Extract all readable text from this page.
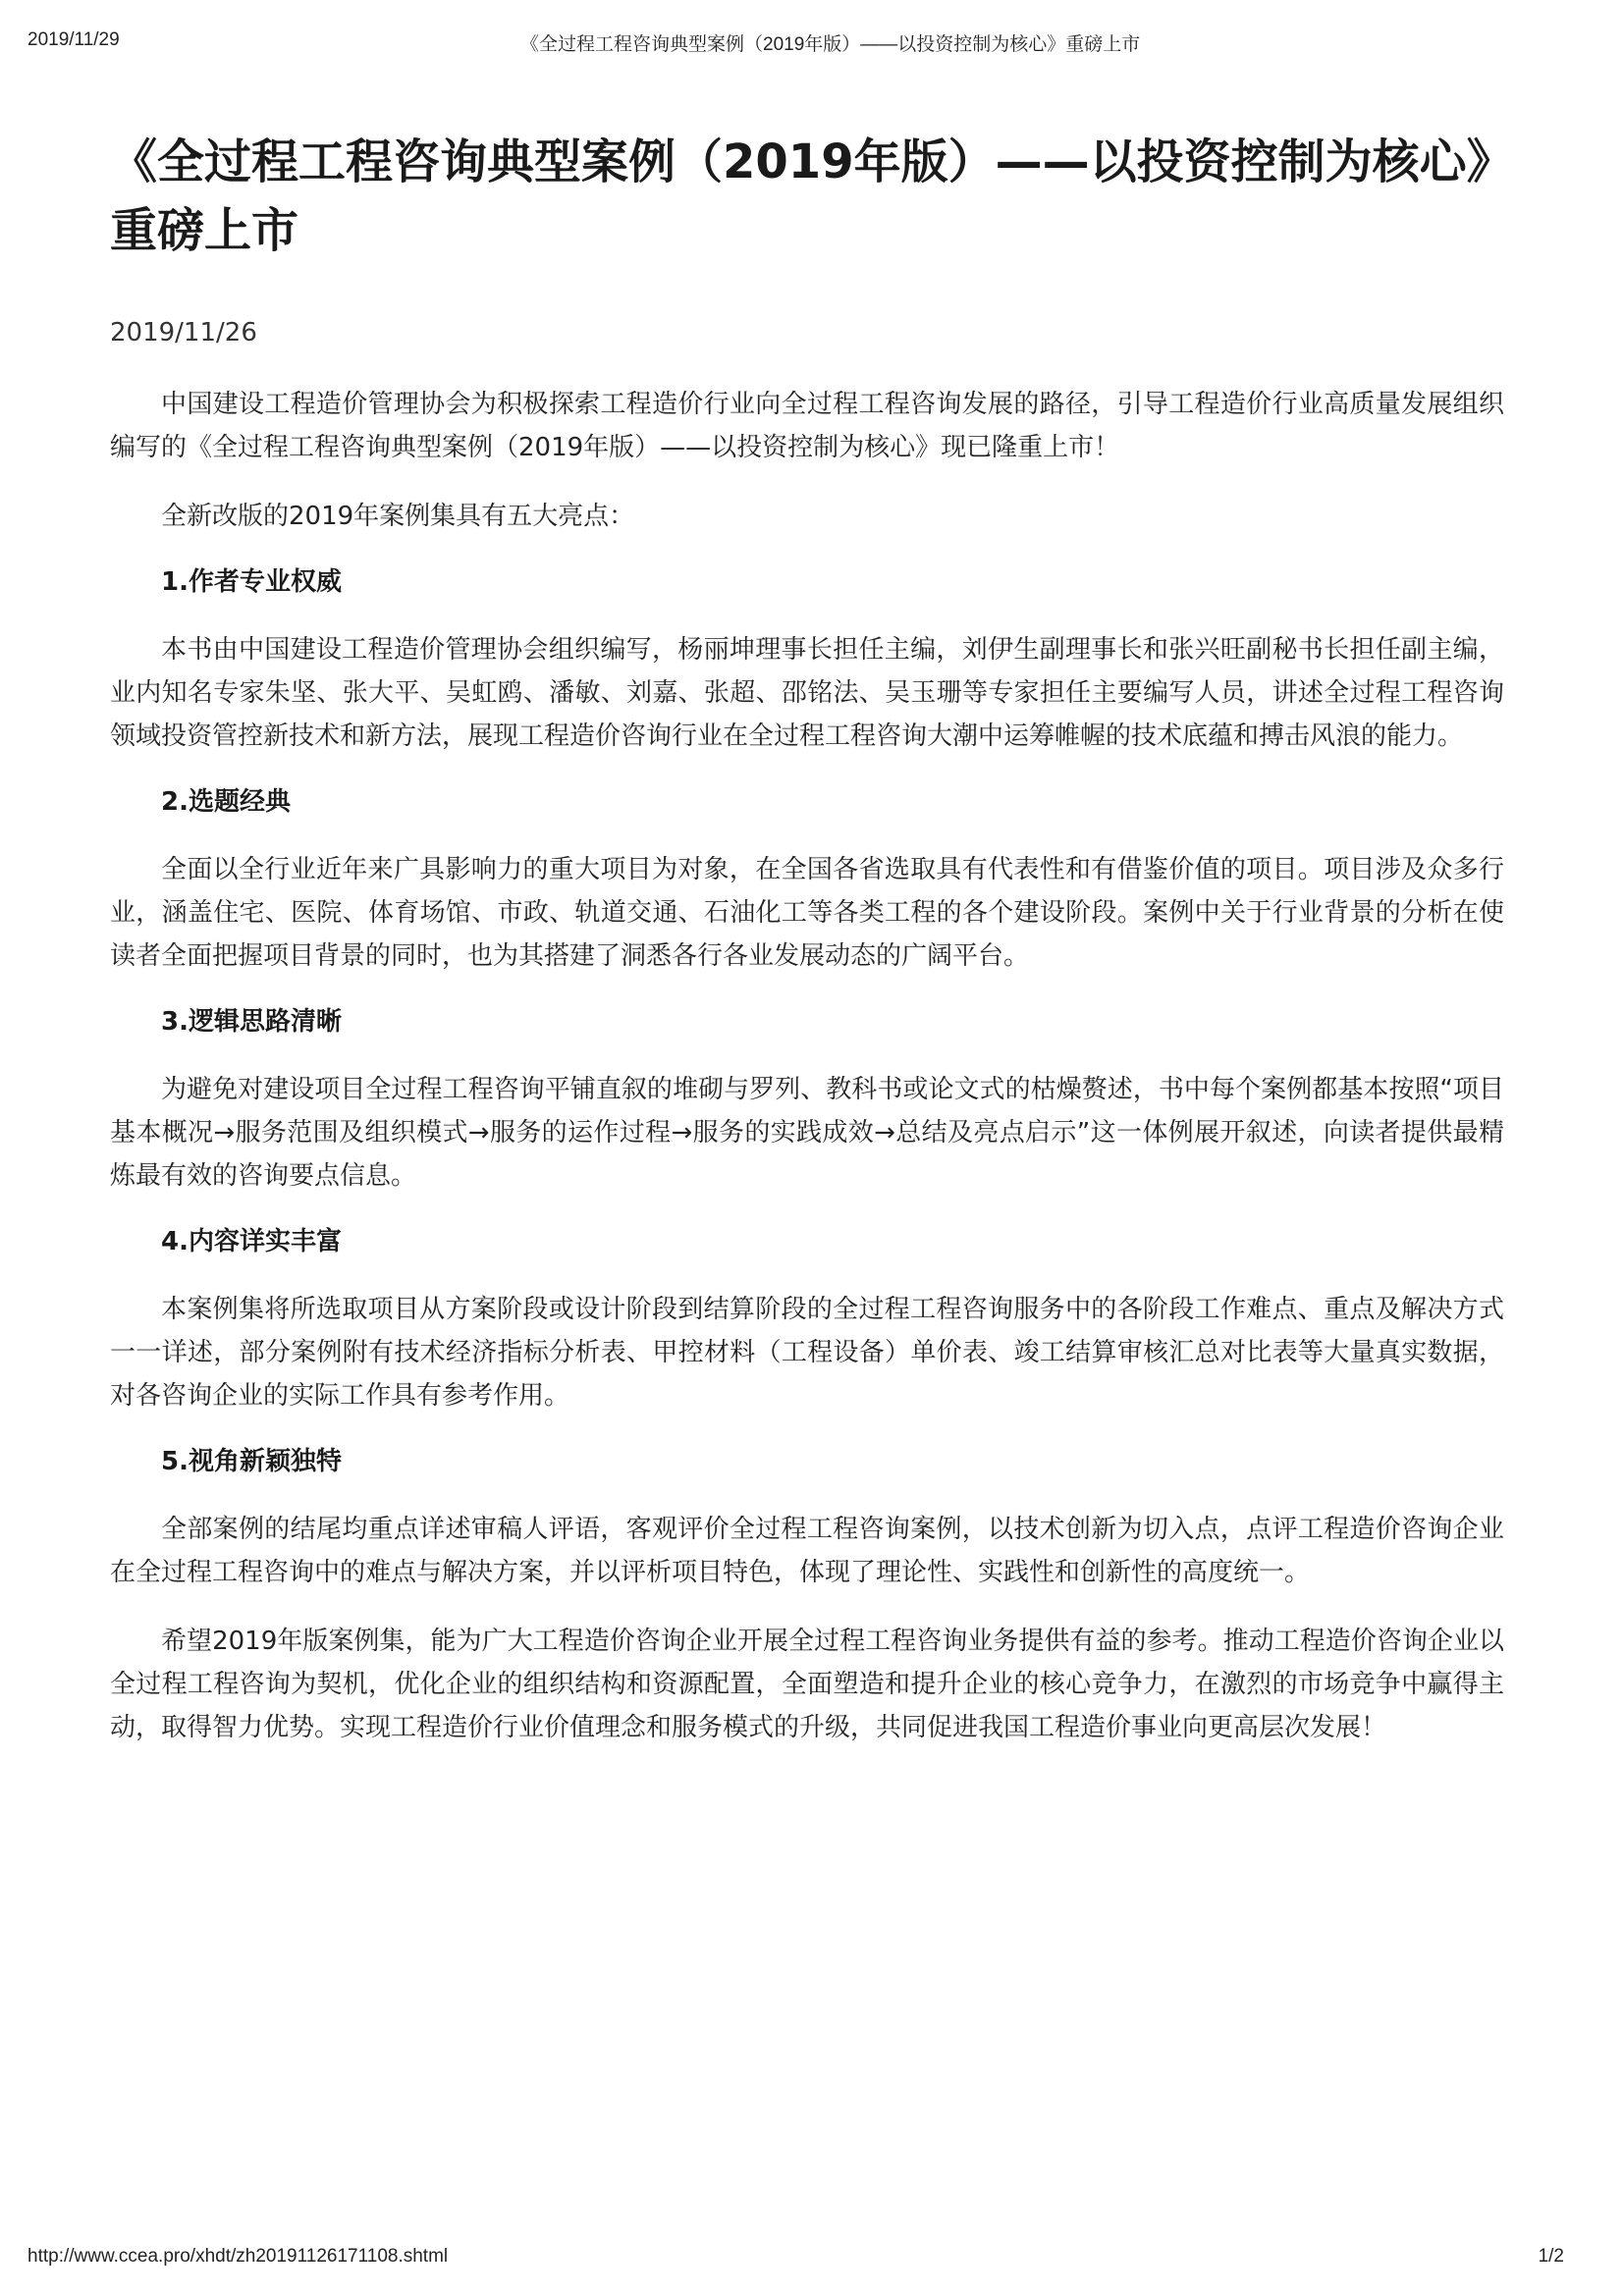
2019/11/29	《全过程工程咨询典型案例（2019年版）——以投资控制为核心》重磅上市
《全过程工程咨询典型案例（2019年版）——以投资控制为核心》重磅上市
2019/11/26

中国建设工程造价管理协会为积极探索工程造价行业向全过程工程咨询发展的路径，引导工程造价行业高质量发展组织编写的《全过程工程咨询典型案例（2019年版）——以投资控制为核心》现已隆重上市！

全新改版的2019年案例集具有五大亮点：

1.作者专业权威

本书由中国建设工程造价管理协会组织编写，杨丽坤理事长担任主编，刘伊生副理事长和张兴旺副秘书长担任副主编，业内知名专家朱坚、张大平、吴虹鸥、潘敏、刘嘉、张超、邵铭法、吴玉珊等专家担任主要编写人员，讲述全过程工程咨询领域投资管控新技术和新方法，展现工程造价咨询行业在全过程工程咨询大潮中运筹帷幄的技术底蕴和搏击风浪的能力。

2.选题经典

全面以全行业近年来广具影响力的重大项目为对象，在全国各省选取具有代表性和有借鉴价值的项目。项目涉及众多行业，涵盖住宅、医院、体育场馆、市政、轨道交通、石油化工等各类工程的各个建设阶段。案例中关于行业背景的分析在使读者全面把握项目背景的同时，也为其搭建了洞悉各行各业发展动态的广阔平台。

3.逻辑思路清晰

为避免对建设项目全过程工程咨询平铺直叙的堆砌与罗列、教科书或论文式的枯燥赘述，书中每个案例都基本按照“项目基本概况→服务范围及组织模式→服务的运作过程→服务的实践成效→总结及亮点启示”这一体例展开叙述，向读者提供最精炼最有效的咨询要点信息。

4.内容详实丰富

本案例集将所选取项目从方案阶段或设计阶段到结算阶段的全过程工程咨询服务中的各阶段工作难点、重点及解决方式一一详述，部分案例附有技术经济指标分析表、甲控材料（工程设备）单价表、竣工结算审核汇总对比表等大量真实数据，对各咨询企业的实际工作具有参考作用。

5.视角新颖独特

全部案例的结尾均重点详述审稿人评语，客观评价全过程工程咨询案例，以技术创新为切入点，点评工程造价咨询企业在全过程工程咨询中的难点与解决方案，并以评析项目特色，体现了理论性、实践性和创新性的高度统一。

希望2019年版案例集，能为广大工程造价咨询企业开展全过程工程咨询业务提供有益的参考。推动工程造价咨询企业以全过程工程咨询为契机，优化企业的组织结构和资源配置，全面塑造和提升企业的核心竞争力，在激烈的市场竞争中赢得主动，取得智力优势。实现工程造价行业价值理念和服务模式的升级，共同促进我国工程造价事业向更高层次发展！

http://www.ccea.pro/xhdt/zh20191126171108.shtml	1/2
